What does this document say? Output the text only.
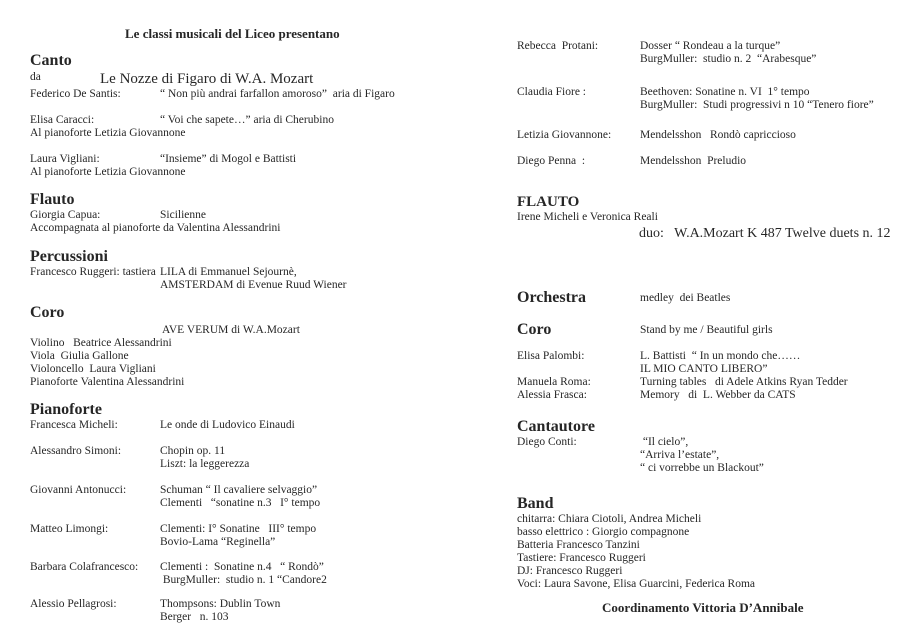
Le classi musicali del Liceo presentano
Canto
da	Le Nozze di Figaro di W.A. Mozart
Federico De Santis:	“ Non più andrai farfallon amoroso”  aria di Figaro
Elisa Caracci:	“ Voi che sapete…” aria di Cherubino
Al pianoforte Letizia Giovannone
Laura Vigliani:	“Insieme” di Mogol e Battisti
Al pianoforte Letizia Giovannone
Flauto
Giorgia Capua:	Sicilienne
Accompagnata al pianoforte da Valentina Alessandrini
Percussioni
Francesco Ruggeri: tastiera LILA di Emmanuel Sejournè,
AMSTERDAM di Evenue Ruud Wiener
Coro
AVE VERUM di W.A.Mozart
Violino   Beatrice Alessandrini
Viola  Giulia Gallone
Violoncello  Laura Vigliani
Pianoforte Valentina Alessandrini
Pianoforte
Francesca Micheli:	Le onde di Ludovico Einaudi
Alessandro Simoni:	Chopin op. 11
Liszt: la leggerezza
Giovanni Antonucci:	Schuman “ Il cavaliere selvaggio”
Clementi   “sonatine n.3   I° tempo
Matteo Limongi:	Clementi: I° Sonatine   III° tempo
Bovio-Lama “Reginella”
Barbara Colafrancesco:	Clementi :  Sonatine n.4   “ Rondò”
BurgMuller:  studio n. 1 “Candore2
Alessio Pellagrosi:	Thompsons: Dublin Town
Berger   n. 103
Rebecca  Protani:	Dosser “ Rondeau a la turque”
BurgMuller:  studio n. 2  “Arabesque”
Claudia Fiore :	Beethoven: Sonatine n. VI  1° tempo
BurgMuller:  Studi progressivi n 10 “Tenero fiore”
Letizia Giovannone:	Mendelsshon   Rondò capriccioso
Diego Penna  :	Mendelsshon  Preludio
FLAUTO
Irene Micheli e Veronica Reali
duo:   W.A.Mozart K 487 Twelve duets n. 12
Orchestra	medley  dei Beatles
Coro	Stand by me / Beautiful girls
Elisa Palombi:	L. Battisti  “ In un mondo che……
IL MIO CANTO LIBERO”
Manuela Roma:	Turning tables   di Adele Atkins Ryan Tedder
Alessia Frasca:	Memory   di  L. Webber da CATS
Cantautore
Diego Conti:	“Il cielo”,
“Arriva l’estate”,
“ ci vorrebbe un Blackout”
Band
chitarra: Chiara Ciotoli, Andrea Micheli
basso elettrico : Giorgio compagnone
Batteria Francesco Tanzini
Tastiere: Francesco Ruggeri
DJ: Francesco Ruggeri
Voci: Laura Savone, Elisa Guarcini, Federica Roma
Coordinamento Vittoria D’Annibale
